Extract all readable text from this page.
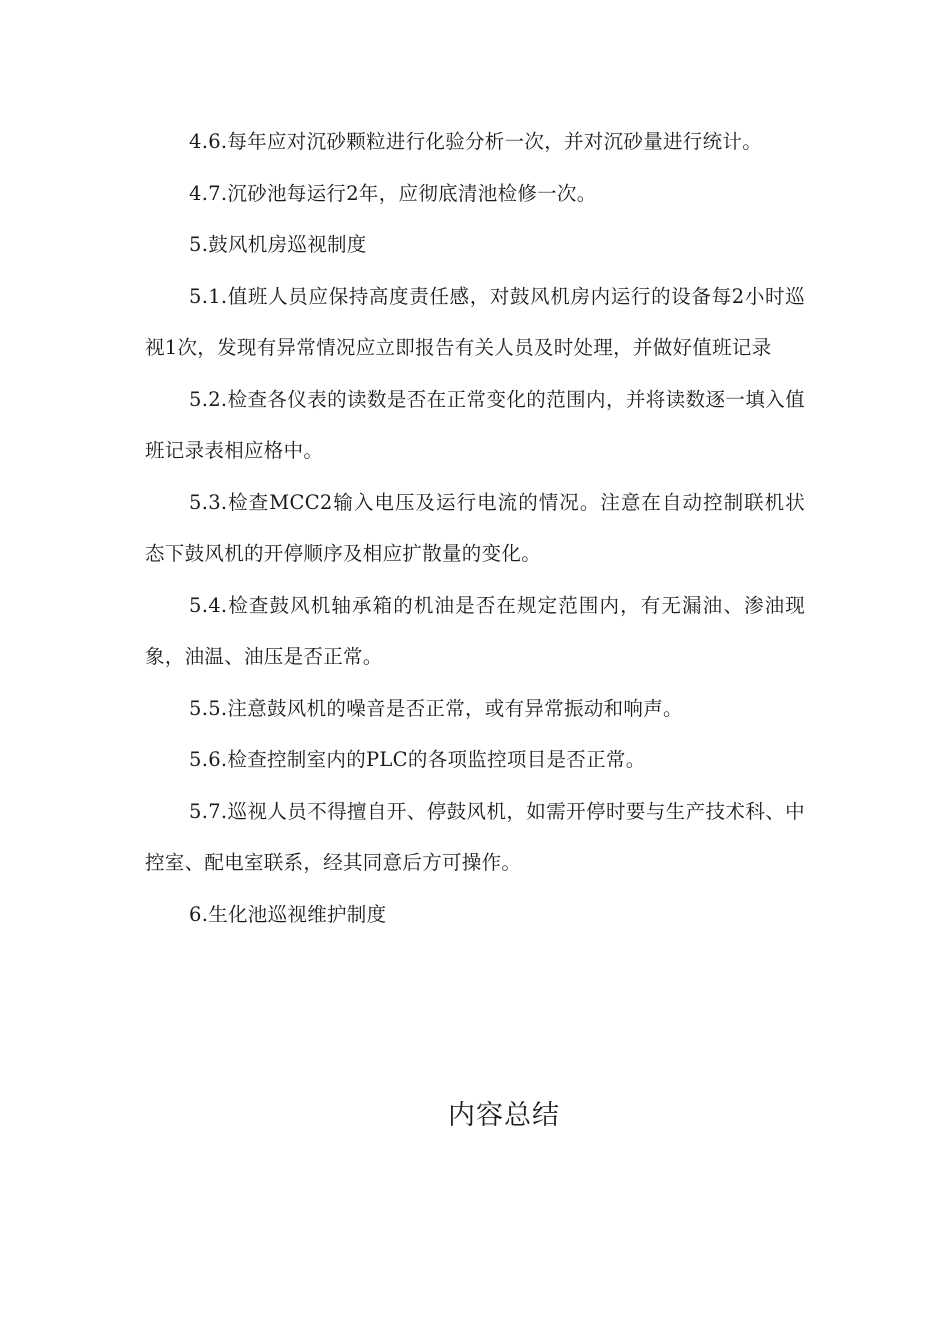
4.6.每年应对沉砂颗粒进行化验分析一次，并对沉砂量进行统计。

4.7.沉砂池每运行2年，应彻底清池检修一次。

5.鼓风机房巡视制度

5.1.值班人员应保持高度责任感，对鼓风机房内运行的设备每2小时巡视1次，发现有异常情况应立即报告有关人员及时处理，并做好值班记录

5.2.检查各仪表的读数是否在正常变化的范围内，并将读数逐一填入值班记录表相应格中。

5.3.检查MCC2输入电压及运行电流的情况。注意在自动控制联机状态下鼓风机的开停顺序及相应扩散量的变化。

5.4.检查鼓风机轴承箱的机油是否在规定范围内，有无漏油、渗油现象，油温、油压是否正常。

5.5.注意鼓风机的噪音是否正常，或有异常振动和响声。

5.6.检查控制室内的PLC的各项监控项目是否正常。

5.7.巡视人员不得擅自开、停鼓风机，如需开停时要与生产技术科、中控室、配电室联系，经其同意后方可操作。

6.生化池巡视维护制度

内容总结
